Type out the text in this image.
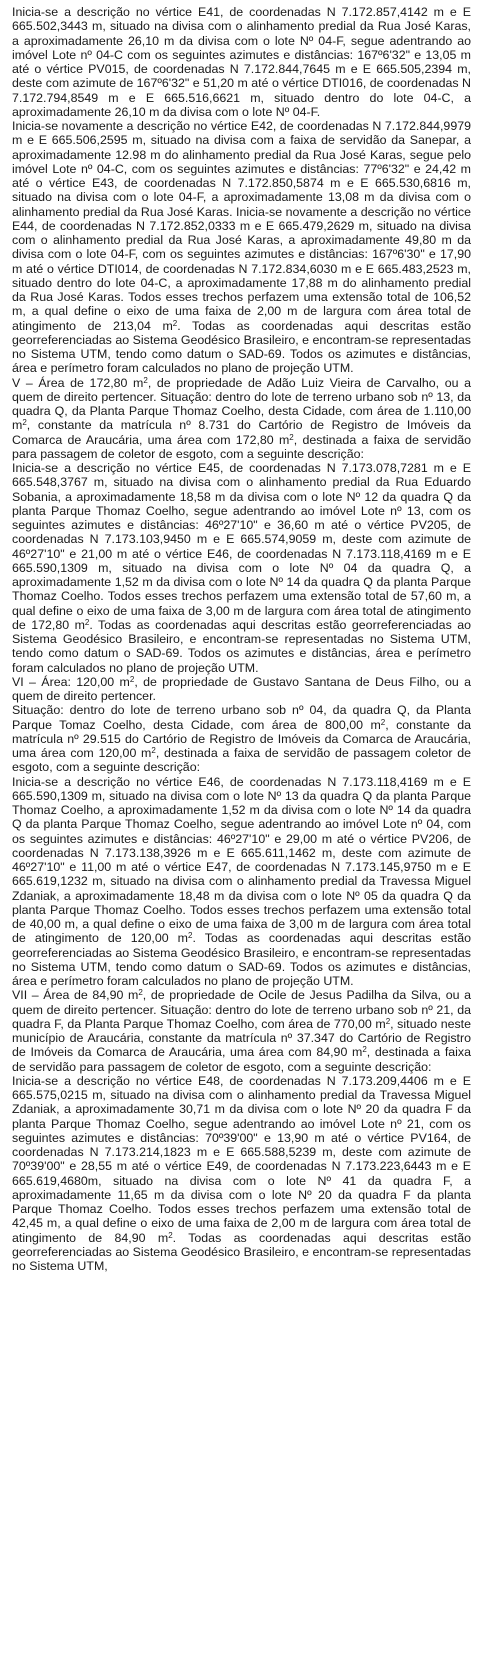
Inicia-se a descrição no vértice E41, de coordenadas N 7.172.857,4142 m e E 665.502,3443 m, situado na divisa com o alinhamento predial da Rua José Karas, a aproximadamente 26,10 m da divisa com o lote Nº 04-F, segue adentrando ao imóvel Lote nº 04-C com os seguintes azimutes e distâncias: 167º6'32" e 13,05 m até o vértice PV015, de coordenadas N 7.172.844,7645 m e E 665.505,2394 m, deste com azimute de 167º6'32" e 51,20 m até o vértice DTI016, de coordenadas N 7.172.794,8549 m e E 665.516,6621 m, situado dentro do lote 04-C, a aproximadamente 26,10 m da divisa com o lote Nº 04-F.

Inicia-se novamente a descrição no vértice E42, de coordenadas N 7.172.844,9979 m e E 665.506,2595 m, situado na divisa com a faixa de servidão da Sanepar, a aproximadamente 12.98 m do alinhamento predial da Rua José Karas, segue pelo imóvel Lote nº 04-C, com os seguintes azimutes e distâncias: 77º6'32" e 24,42 m até o vértice E43, de coordenadas N 7.172.850,5874 m e E 665.530,6816 m, situado na divisa com o lote 04-F, a aproximadamente 13,08 m da divisa com o alinhamento predial da Rua José Karas. Inicia-se novamente a descrição no vértice E44, de coordenadas N 7.172.852,0333 m e E 665.479,2629 m, situado na divisa com o alinhamento predial da Rua José Karas, a aproximadamente 49,80 m da divisa com o lote 04-F, com os seguintes azimutes e distâncias: 167º6'30" e 17,90 m até o vértice DTI014, de coordenadas N 7.172.834,6030 m e E 665.483,2523 m, situado dentro do lote 04-C, a aproximadamente 17,88 m do alinhamento predial da Rua José Karas. Todos esses trechos perfazem uma extensão total de 106,52 m, a qual define o eixo de uma faixa de 2,00 m de largura com área total de atingimento de 213,04 $m^2$. Todas as coordenadas aqui descritas estão georreferenciadas ao Sistema Geodésico Brasileiro, e encontram-se representadas no Sistema UTM, tendo como datum o SAD-69. Todos os azimutes e distâncias, área e perímetro foram calculados no plano de projeção UTM.

V – Área de 172,80 $m^2$, de propriedade de Adão Luiz Vieira de Carvalho, ou a quem de direito pertencer. Situação: dentro do lote de terreno urbano sob nº 13, da quadra Q, da Planta Parque Thomaz Coelho, desta Cidade, com área de 1.110,00 $m^2$, constante da matrícula nº 8.731 do Cartório de Registro de Imóveis da Comarca de Araucária, uma área com 172,80 $m^2$, destinada a faixa de servidão para passagem de coletor de esgoto, com a seguinte descrição:

Inicia-se a descrição no vértice E45, de coordenadas N 7.173.078,7281 m e E 665.548,3767 m, situado na divisa com o alinhamento predial da Rua Eduardo Sobania, a aproximadamente 18,58 m da divisa com o lote Nº 12 da quadra Q da planta Parque Thomaz Coelho, segue adentrando ao imóvel Lote nº 13, com os seguintes azimutes e distâncias: 46º27'10" e 36,60 m até o vértice PV205, de coordenadas N 7.173.103,9450 m e E 665.574,9059 m, deste com azimute de 46º27'10" e 21,00 m até o vértice E46, de coordenadas N 7.173.118,4169 m e E 665.590,1309 m, situado na divisa com o lote Nº 04 da quadra Q, a aproximadamente 1,52 m da divisa com o lote Nº 14 da quadra Q da planta Parque Thomaz Coelho. Todos esses trechos perfazem uma extensão total de 57,60 m, a qual define o eixo de uma faixa de 3,00 m de largura com área total de atingimento de 172,80 $m^2$. Todas as coordenadas aqui descritas estão georreferenciadas ao Sistema Geodésico Brasileiro, e encontram-se representadas no Sistema UTM, tendo como datum o SAD-69. Todos os azimutes e distâncias, área e perímetro foram calculados no plano de projeção UTM.

VI – Área: 120,00 $m^2$, de propriedade de Gustavo Santana de Deus Filho, ou a quem de direito pertencer.

Situação: dentro do lote de terreno urbano sob nº 04, da quadra Q, da Planta Parque Tomaz Coelho, desta Cidade, com área de 800,00 $m^2$, constante da matrícula nº 29.515 do Cartório de Registro de Imóveis da Comarca de Araucária, uma área com 120,00 $m^2$, destinada a faixa de servidão de passagem coletor de esgoto, com a seguinte descrição:

Inicia-se a descrição no vértice E46, de coordenadas N 7.173.118,4169 m e E 665.590,1309 m, situado na divisa com o lote Nº 13 da quadra Q da planta Parque Thomaz Coelho, a aproximadamente 1,52 m da divisa com o lote Nº 14 da quadra Q da planta Parque Thomaz Coelho, segue adentrando ao imóvel Lote nº 04, com os seguintes azimutes e distâncias: 46º27'10" e 29,00 m até o vértice PV206, de coordenadas N 7.173.138,3926 m e E 665.611,1462 m, deste com azimute de 46º27'10" e 11,00 m até o vértice E47, de coordenadas N 7.173.145,9750 m e E 665.619,1232 m, situado na divisa com o alinhamento predial da Travessa Miguel Zdaniak, a aproximadamente 18,48 m da divisa com o lote Nº 05 da quadra Q da planta Parque Thomaz Coelho. Todos esses trechos perfazem uma extensão total de 40,00 m, a qual define o eixo de uma faixa de 3,00 m de largura com área total de atingimento de 120,00 $m^2$. Todas as coordenadas aqui descritas estão georreferenciadas ao Sistema Geodésico Brasileiro, e encontram-se representadas no Sistema UTM, tendo como datum o SAD-69. Todos os azimutes e distâncias, área e perímetro foram calculados no plano de projeção UTM.

VII – Área de 84,90 $m^2$, de propriedade de Ocile de Jesus Padilha da Silva, ou a quem de direito pertencer. Situação: dentro do lote de terreno urbano sob nº 21, da quadra F, da Planta Parque Thomaz Coelho, com área de 770,00 $m^2$, situado neste município de Araucária, constante da matrícula nº 37.347 do Cartório de Registro de Imóveis da Comarca de Araucária, uma área com 84,90 $m^2$, destinada a faixa de servidão para passagem de coletor de esgoto, com a seguinte descrição:

Inicia-se a descrição no vértice E48, de coordenadas N 7.173.209,4406 m e E 665.575,0215 m, situado na divisa com o alinhamento predial da Travessa Miguel Zdaniak, a aproximadamente 30,71 m da divisa com o lote Nº 20 da quadra F da planta Parque Thomaz Coelho, segue adentrando ao imóvel Lote nº 21, com os seguintes azimutes e distâncias: 70º39'00" e 13,90 m até o vértice PV164, de coordenadas N 7.173.214,1823 m e E 665.588,5239 m, deste com azimute de 70º39'00" e 28,55 m até o vértice E49, de coordenadas N 7.173.223,6443 m e E 665.619,4680m, situado na divisa com o lote Nº 41 da quadra F, a aproximadamente 11,65 m da divisa com o lote Nº 20 da quadra F da planta Parque Thomaz Coelho. Todos esses trechos perfazem uma extensão total de 42,45 m, a qual define o eixo de uma faixa de 2,00 m de largura com área total de atingimento de 84,90 $m^2$. Todas as coordenadas aqui descritas estão georreferenciadas ao Sistema Geodésico Brasileiro, e encontram-se representadas no Sistema UTM,
